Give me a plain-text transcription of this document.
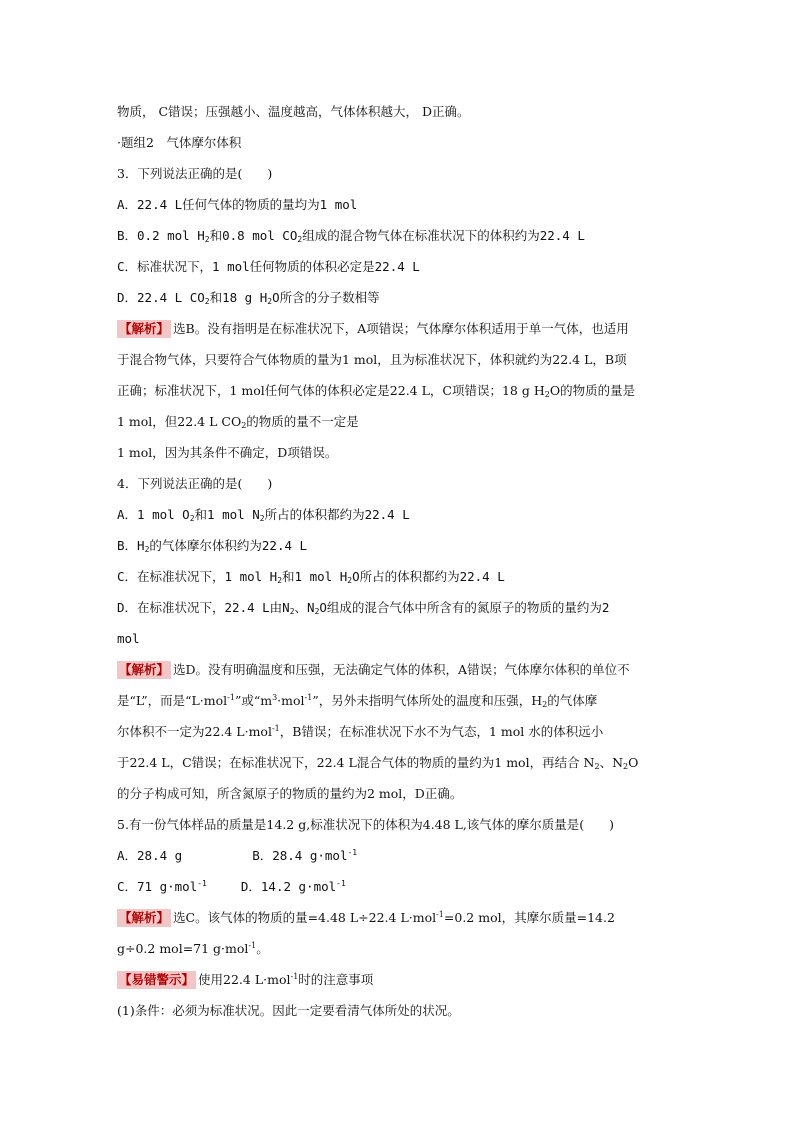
物质， C错误；压强越小、温度越高，气体体积越大， D正确。
·题组2　气体摩尔体积
3．下列说法正确的是(　　)
A．22.4 L任何气体的物质的量均为1 mol
B．0.2 mol $H_2$和0.8 mol $CO_2$组成的混合物气体在标准状况下的体积约为22.4 L
C．标准状况下，1 mol任何物质的体积必定是22.4 L
D．22.4 L $CO_2$和18 g $H_2O$所含的分子数相等
【解析】 选B。没有指明是在标准状况下，A项错误；气体摩尔体积适用于单一气体，也适用
于混合物气体，只要符合气体物质的量为1 mol，且为标准状况下，体积就约为22.4 L，B项
正确；标准状况下，1 mol任何气体的体积必定是22.4 L，C项错误；18 g $H_2O$的物质的量是
1 mol，但22.4 L $CO_2$的物质的量不一定是
1 mol，因为其条件不确定，D项错误。
4．下列说法正确的是(　　)
A．1 mol $O_2$和1 mol $N_2$所占的体积都约为22.4 L
B．$H_2$的气体摩尔体积约为22.4 L
C．在标准状况下，1 mol $H_2$和1 mol $H_2O$所占的体积都约为22.4 L
D．在标准状况下，22.4 L由$N_2$、$N_2O$组成的混合气体中所含有的氮原子的物质的量约为2
mol
【解析】 选D。没有明确温度和压强，无法确定气体的体积，A错误；气体摩尔体积的单位不
是“L”，而是“L·mol$^{-1}$”或“$m^3\cdot mol^{-1}$”，另外未指明气体所处的温度和压强，$H_2$的气体摩
尔体积不一定为22.4 L·mol$^{-1}$，B错误；在标准状况下水不为气态，1 mol 水的体积远小
于22.4 L，C错误；在标准状况下，22.4 L混合气体的物质的量约为1 mol，再结合 $N_2$、$N_2O$
的分子构成可知，所含氮原子的物质的量约为2 mol，D正确。
5.有一份气体样品的质量是14.2 g,标准状况下的体积为4.48 L,该气体的摩尔质量是(　　)
A．28.4 g	B．28.4 g·mol$^{-1}$
C．71 g·mol$^{-1}$	D．14.2 g·mol$^{-1}$
【解析】 选C。该气体的物质的量=4.48 L÷22.4 L·mol$^{-1}$=0.2 mol，其摩尔质量=14.2
g÷0.2 mol=71 g·mol$^{-1}$。
【易错警示】 使用22.4 L·mol$^{-1}$时的注意事项
(1)条件：必须为标准状况。因此一定要看清气体所处的状况。
